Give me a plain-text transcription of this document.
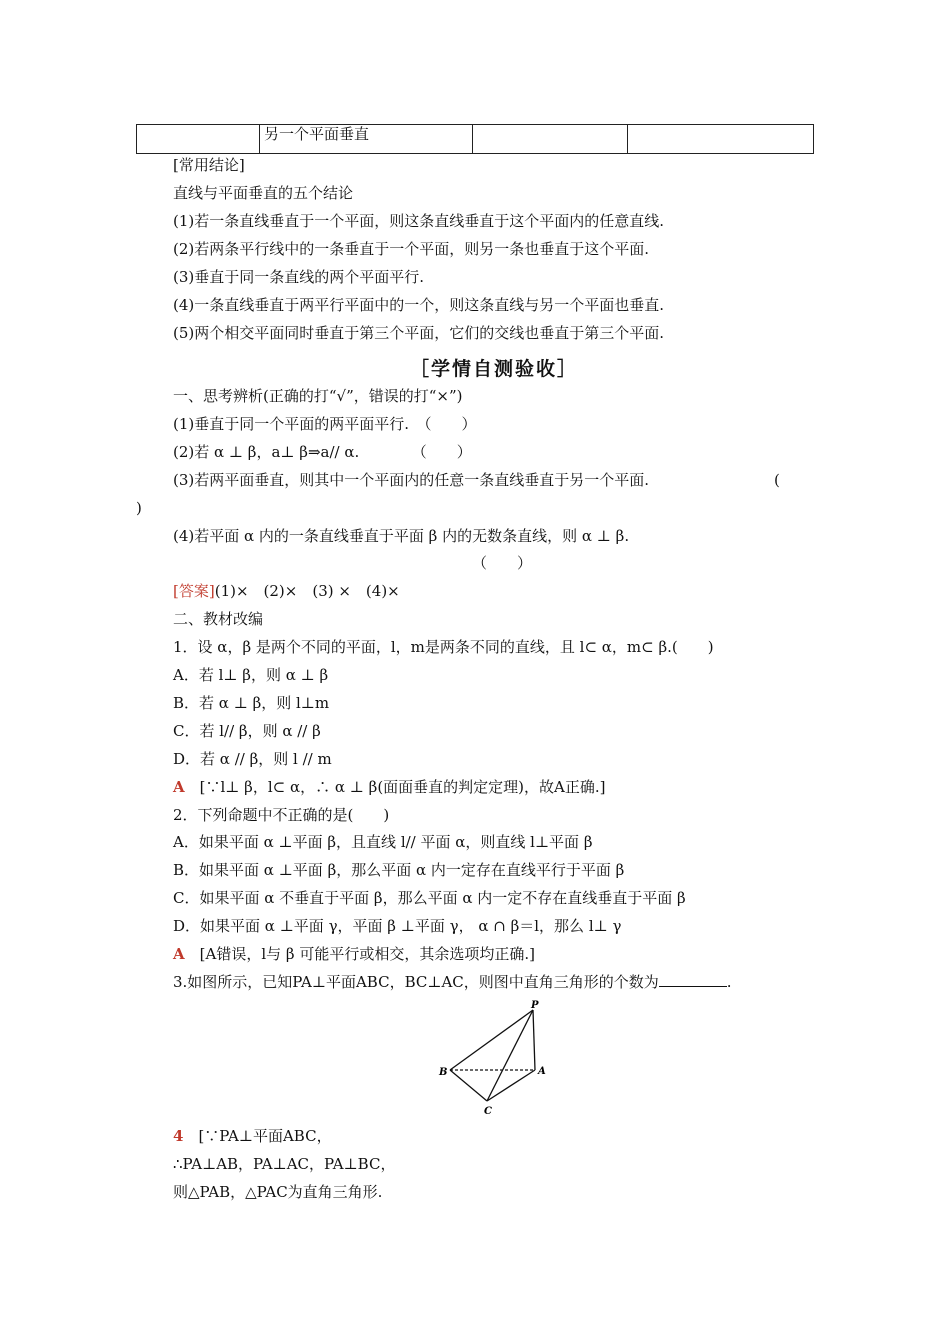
	另一个平面垂直		
[常用结论]
直线与平面垂直的五个结论
(1)若一条直线垂直于一个平面，则这条直线垂直于这个平面内的任意直线.
(2)若两条平行线中的一条垂直于一个平面，则另一条也垂直于这个平面.
(3)垂直于同一条直线的两个平面平行.
(4)一条直线垂直于两平行平面中的一个，则这条直线与另一个平面也垂直.
(5)两个相交平面同时垂直于第三个平面，它们的交线也垂直于第三个平面.
［学情自测验收］
一、思考辨析(正确的打“√”，错误的打“×”)
(1)垂直于同一个平面的两平面平行.　（　　）
(2)若 α ⊥ β，a⊥ β⇒a// α.　　　　（　　）
(3)若两平面垂直，则其中一个平面内的任意一条直线垂直于另一个平面.	(
)
(4)若平面 α 内的一条直线垂直于平面 β 内的无数条直线，则 α ⊥ β.
（　　）
[答案](1)×　(2)×　(3) ×　(4)×
二、教材改编
1．设 α，β 是两个不同的平面，l，m是两条不同的直线，且 l⊂ α，m⊂ β.(　　)
A．若 l⊥ β，则 α ⊥ β
B．若 α ⊥ β，则 l⊥m
C．若 l// β，则 α // β
D．若 α // β，则 l // m
A　 [∵l⊥ β，l⊂ α，∴ α ⊥ β(面面垂直的判定定理)，故A正确.]
2．下列命题中不正确的是(　　)
A．如果平面 α ⊥平面 β，且直线 l// 平面 α，则直线 l⊥平面 β
B．如果平面 α ⊥平面 β，那么平面 α 内一定存在直线平行于平面 β
C．如果平面 α 不垂直于平面 β，那么平面 α 内一定不存在直线垂直于平面 β
D．如果平面 α ⊥平面 γ，平面 β ⊥平面 γ， α ∩ β＝l，那么 l⊥ γ
A　 [A错误，l与 β 可能平行或相交，其余选项均正确.]
3.如图所示，已知PA⊥平面ABC，BC⊥AC，则图中直角三角形的个数为	.
P
A
B
C
4　 [∵PA⊥平面ABC，
∴PA⊥AB，PA⊥AC，PA⊥BC，
则△PAB，△PAC为直角三角形.
